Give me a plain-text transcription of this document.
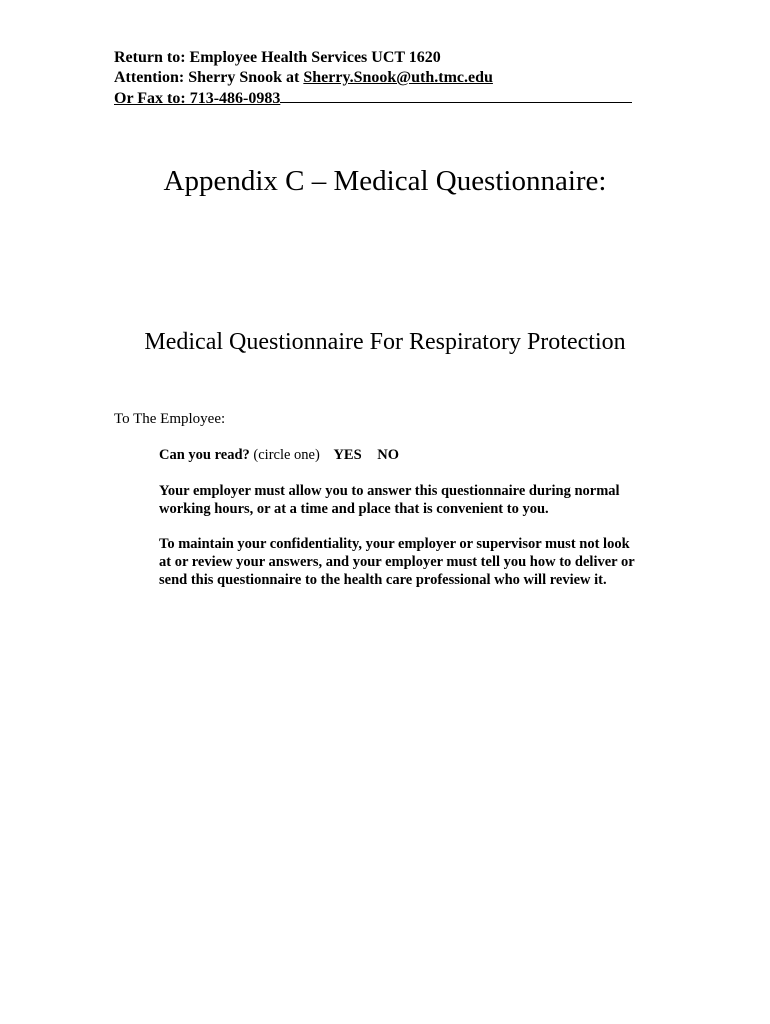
Return to: Employee Health Services UCT 1620
Attention: Sherry Snook at Sherry.Snook@uth.tmc.edu
Or Fax to: 713-486-0983
Appendix C – Medical Questionnaire:
Medical Questionnaire For Respiratory Protection
To The Employee:
Can you read? (circle one) YES NO
Your employer must allow you to answer this questionnaire during normal
working hours, or at a time and place that is convenient to you.
To maintain your confidentiality, your employer or supervisor must not look
at or review your answers, and your employer must tell you how to deliver or
send this questionnaire to the health care professional who will review it.
